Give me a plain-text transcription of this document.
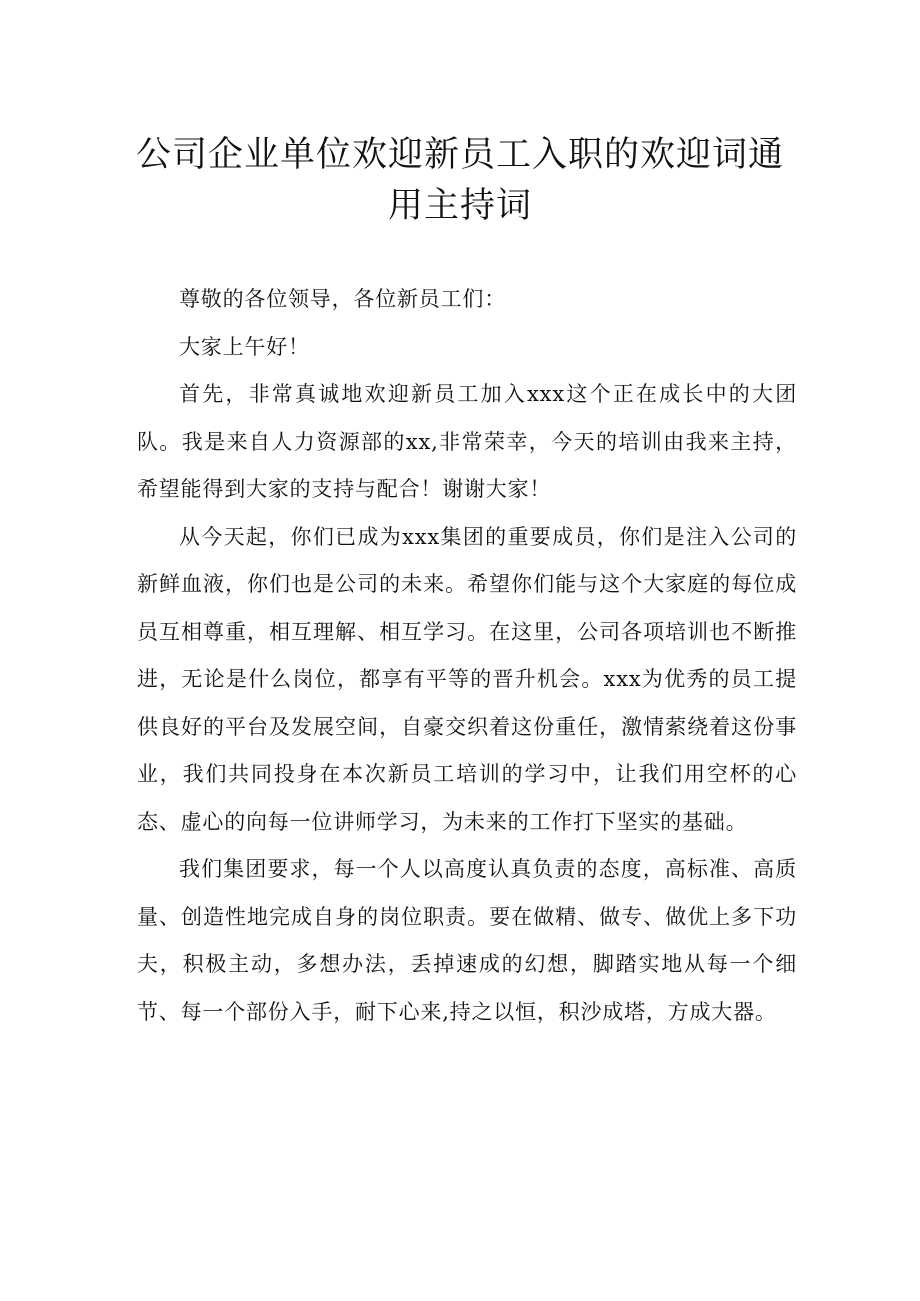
公司企业单位欢迎新员工入职的欢迎词通
用主持词

尊敬的各位领导，各位新员工们：

大家上午好！

首先，非常真诚地欢迎新员工加入xxx这个正在成长中的大团队。我是来自人力资源部的xx,非常荣幸，今天的培训由我来主持，希望能得到大家的支持与配合！谢谢大家！

从今天起，你们已成为xxx集团的重要成员，你们是注入公司的新鲜血液，你们也是公司的未来。希望你们能与这个大家庭的每位成员互相尊重，相互理解、相互学习。在这里，公司各项培训也不断推进，无论是什么岗位，都享有平等的晋升机会。xxx为优秀的员工提供良好的平台及发展空间，自豪交织着这份重任，激情萦绕着这份事业，我们共同投身在本次新员工培训的学习中，让我们用空杯的心态、虚心的向每一位讲师学习，为未来的工作打下坚实的基础。

我们集团要求，每一个人以高度认真负责的态度，高标准、高质量、创造性地完成自身的岗位职责。要在做精、做专、做优上多下功夫，积极主动，多想办法，丢掉速成的幻想，脚踏实地从每一个细节、每一个部份入手，耐下心来,持之以恒，积沙成塔，方成大器。
